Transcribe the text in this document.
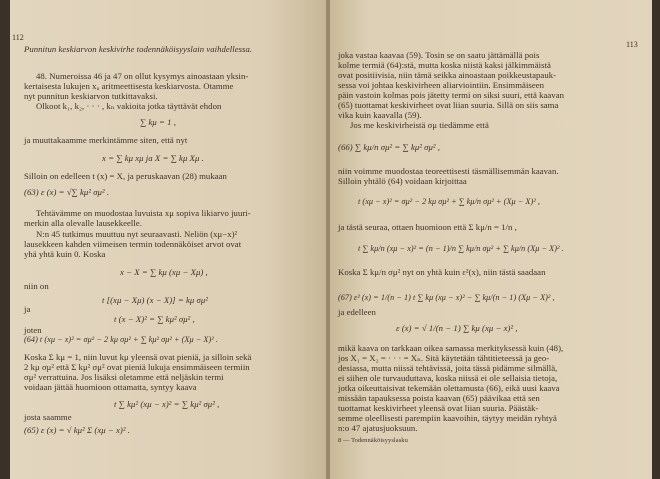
112
Punnitun keskiarvon keskivirhe todennäköisyyslain vaihdellessa.
48. Numeroissa 46 ja 47 on ollut kysymys ainoastaan yksin-
kertaisesta lukujen xᵤ aritmeettisesta keskiarvosta. Otamme
nyt punnitun keskiarvon tutkittavaksi.
Olkoot k₁, k₂, · · · , kₙ vakioita jotka täyttävät ehdon
∑ kμ = 1 ,
ja muuttakaamme merkintämme siten, että nyt
x = ∑ kμ xμ ja X = ∑ kμ Xμ .
Silloin on edelleen t (x) = X, ja peruskaavan (28) mukaan
(63) ε (x) = √∑ kμ² σμ² .
Tehtävämme on muodostaa luvuista xμ sopiva likiarvo juuri-
merkin alla olevalle lausekkeelle.
N:n 45 tutkimus muuttuu nyt seuraavasti. Neliön (xμ−x)²
lausekkeen kahden viimeisen termin todennäköiset arvot ovat
yhä yhtä kuin 0. Koska
x − X = ∑ kμ (xμ − Xμ) ,
niin on
t [(xμ − Xμ) (x − X)] = kμ σμ²
ja
t (x − X)² = ∑ kμ² σμ² ,
joten
(64) t (xμ − x)² = σμ² − 2 kμ σμ² + ∑ kμ² σμ² + (Xμ − X)² .
Koska Σ kμ = 1, niin luvut kμ yleensä ovat pieniä, ja silloin sekä
2 kμ σμ² että Σ kμ² σμ² ovat pieniä lukuja ensimmäiseen termiin
σμ² verrattuina. Jos lisäksi oletamme että neljäskin termi
voidaan jättää huomioon ottamatta, syntyy kaava
t ∑ kμ² (xμ − x)² = ∑ kμ² σμ² ,
josta saamme
(65) ε (x) = √ kμ² Σ (xμ − x)² .
113
joka vastaa kaavaa (59). Tosin se on saatu jättämällä pois
kolme termiä (64):stä, mutta koska niistä kaksi jälkimmäistä
ovat positiivisia, niin tämä seikka ainoastaan poikkeustapauk-
sessa voi johtaa keskivirheen aliarviointiin. Ensimmäiseen
päin vastoin kolmas pois jätetty termi on siksi suuri, että kaavan
(65) tuottamat keskivirheet ovat liian suuria. Sillä on siis sama
vika kuin kaavalla (59).
Jos me keskivirheistä σμ tiedämme että
(66) ∑ kμ/n σμ² = ∑ kμ² σμ² ,
niin voimme muodostaa teoreettisesti täsmällisemmän kaavan.
Silloin yhtälö (64) voidaan kirjoittaa
t (xμ − x)² = σμ² − 2 kμ σμ² + ∑ kμ/n σμ² + (Xμ − X)² ,
ja tästä seuraa, ottaen huomioon että Σ kμ/n = 1/n ,
t ∑ kμ/n (xμ − x)² = (n − 1)/n ∑ kμ/n σμ² + ∑ kμ/n (Xμ − X)² .
Koska Σ kμ/n σμ² nyt on yhtä kuin ε²(x), niin tästä saadaan
(67) ε² (x) = 1/(n − 1) t ∑ kμ (xμ − x)² − ∑ kμ/(n − 1) (Xμ − X)² ,
ja edelleen
ε (x) = √ 1/(n − 1) ∑ kμ (xμ − x)² ,
mikä kaava on tarkkaan oikea samassa merkityksessä kuin (48),
jos X₁ = X₂ = · · · = Xₙ. Sitä käytetään tähtitieteessä ja geo-
desiassa, mutta niissä tehtävissä, joita tässä pidämme silmällä,
ei siihen ole turvauduttava, koska niissä ei ole sellaisia tietoja,
jotka oikeuttaisivat tekemään olettamusta (66), eikä uusi kaava
missään tapauksessa poista kaavan (65) päävikaa että sen
tuottamat keskivirheet yleensä ovat liian suuria. Päästäk-
semme oleellisesti parempiin kaavoihin, täytyy meidän ryhtyä
n:o 47 ajatusjuoksuun.
8 — Todennäköisyyslasku
